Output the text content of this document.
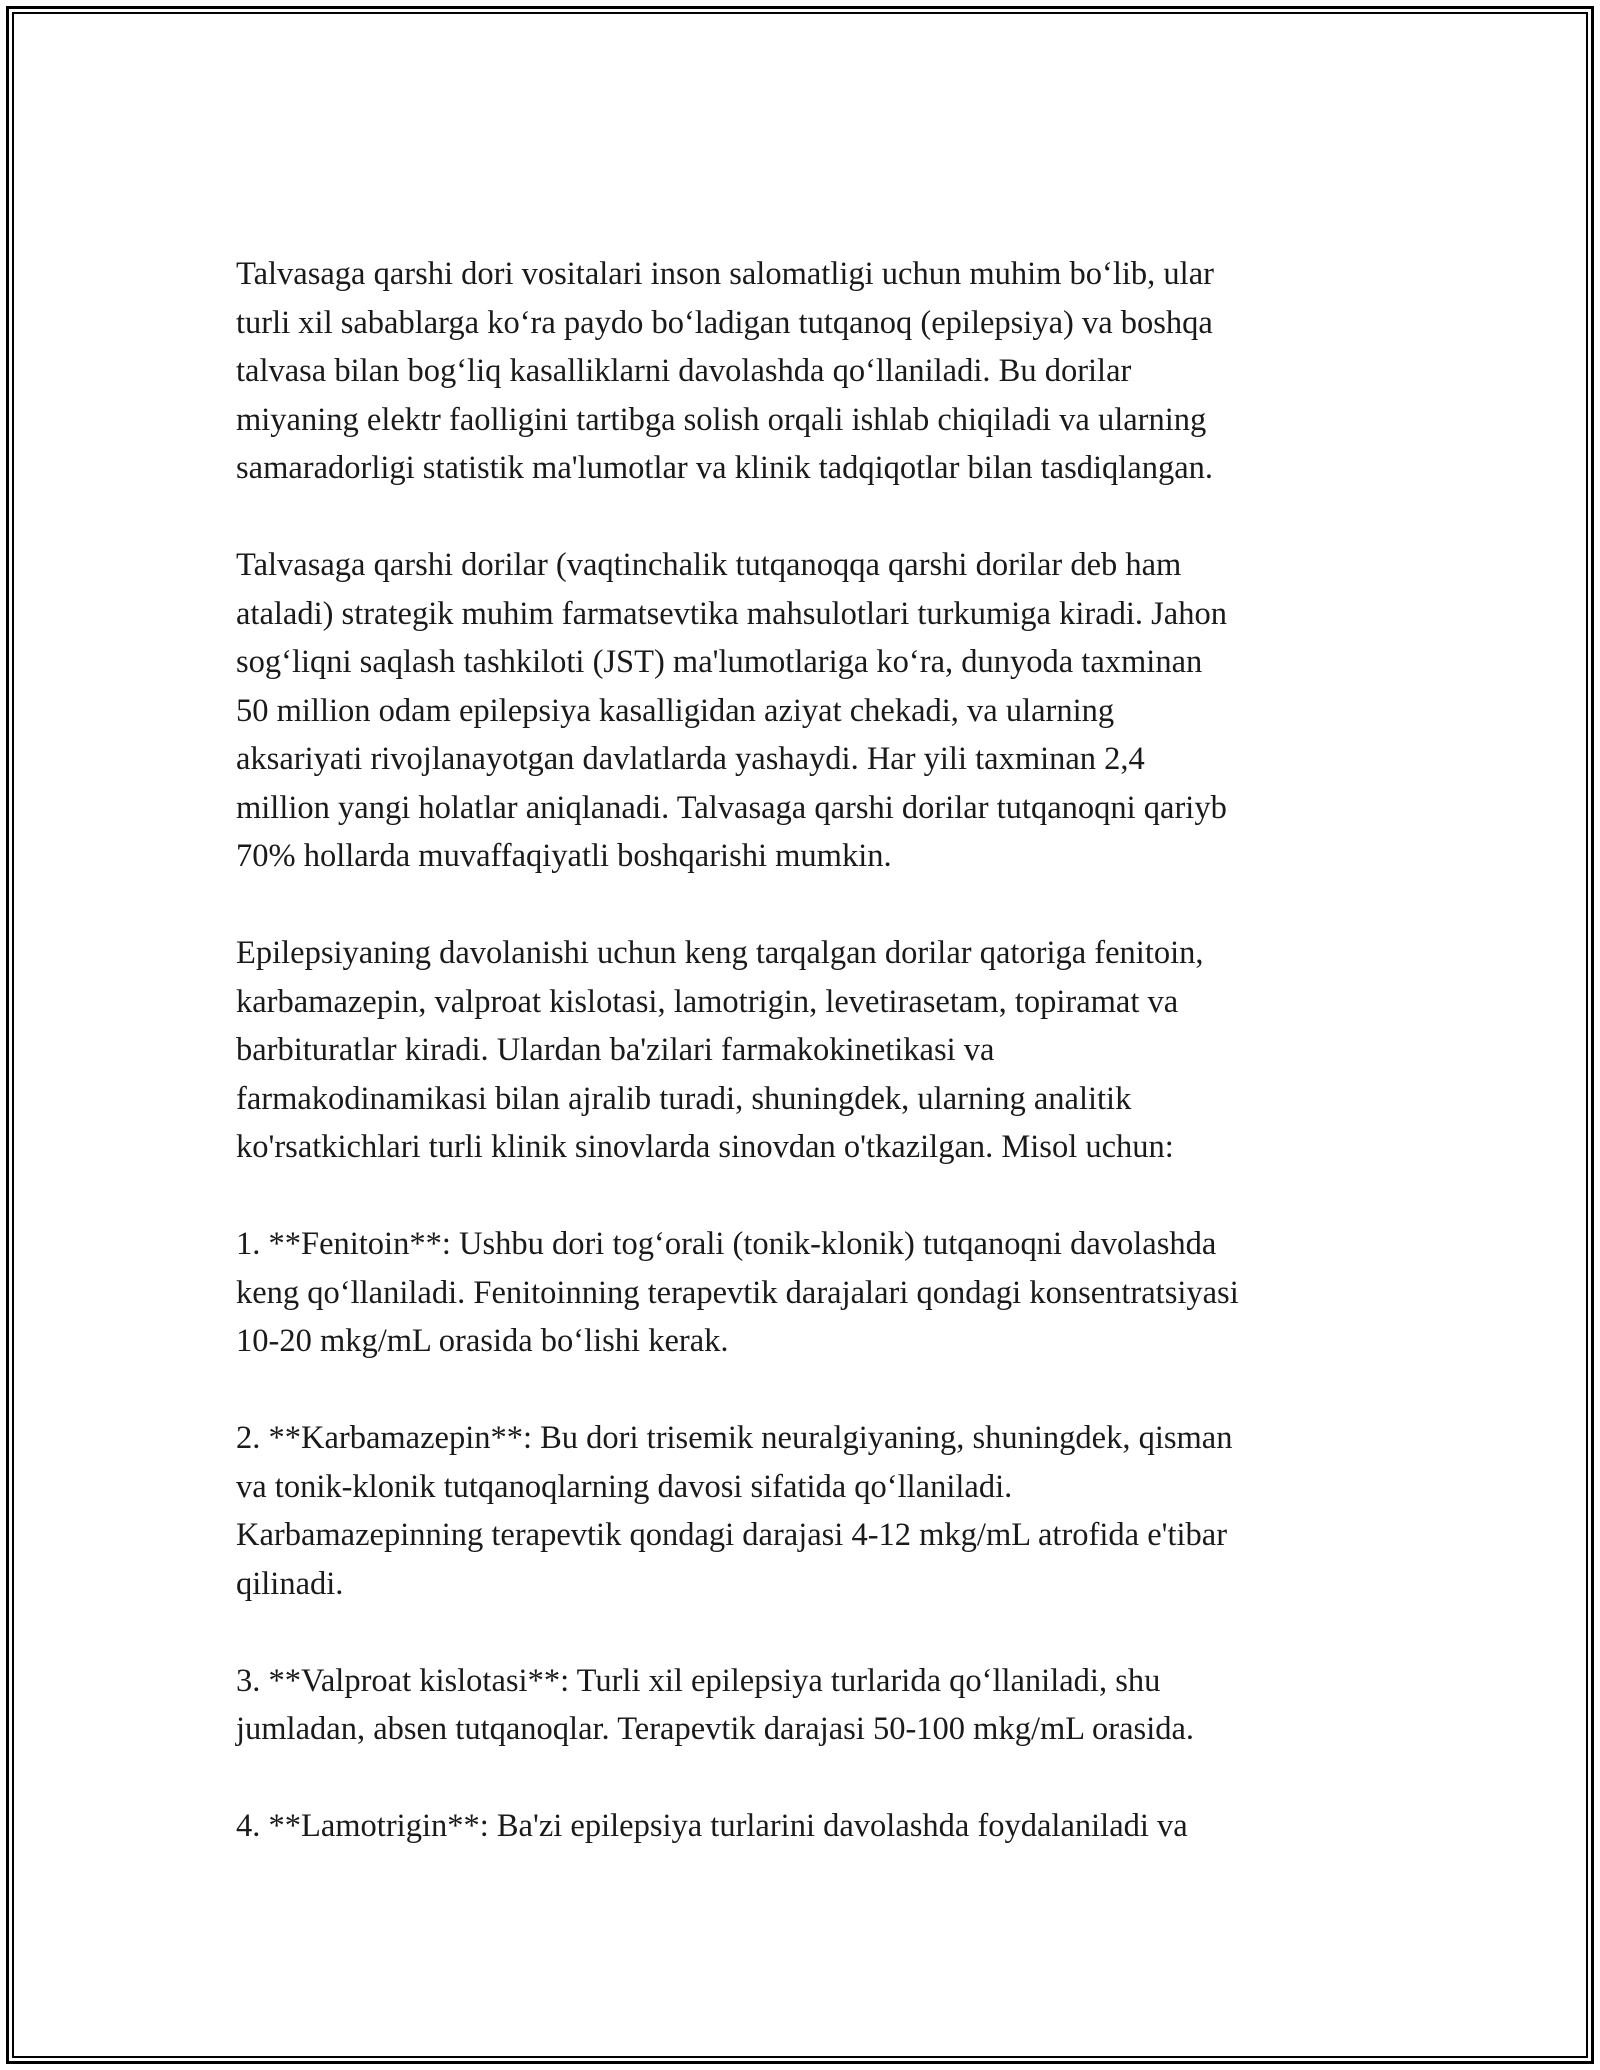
Talvasaga qarshi dori vositalari inson salomatligi uchun muhim bo‘lib, ular
turli xil sabablarga ko‘ra paydo bo‘ladigan tutqanoq (epilepsiya) va boshqa
talvasa bilan bog‘liq kasalliklarni davolashda qo‘llaniladi. Bu dorilar
miyaning elektr faolligini tartibga solish orqali ishlab chiqiladi va ularning
samaradorligi statistik ma'lumotlar va klinik tadqiqotlar bilan tasdiqlangan.

Talvasaga qarshi dorilar (vaqtinchalik tutqanoqqa qarshi dorilar deb ham
ataladi) strategik muhim farmatsevtika mahsulotlari turkumiga kiradi. Jahon
sog‘liqni saqlash tashkiloti (JST) ma'lumotlariga ko‘ra, dunyoda taxminan
50 million odam epilepsiya kasalligidan aziyat chekadi, va ularning
aksariyati rivojlanayotgan davlatlarda yashaydi. Har yili taxminan 2,4
million yangi holatlar aniqlanadi. Talvasaga qarshi dorilar tutqanoqni qariyb
70% hollarda muvaffaqiyatli boshqarishi mumkin.

Epilepsiyaning davolanishi uchun keng tarqalgan dorilar qatoriga fenitoin,
karbamazepin, valproat kislotasi, lamotrigin, levetirasetam, topiramat va
barbituratlar kiradi. Ulardan ba'zilari farmakokinetikasi va
farmakodinamikasi bilan ajralib turadi, shuningdek, ularning analitik
ko'rsatkichlari turli klinik sinovlarda sinovdan o'tkazilgan. Misol uchun:

1. **Fenitoin**: Ushbu dori tog‘orali (tonik-klonik) tutqanoqni davolashda
keng qo‘llaniladi. Fenitoinning terapevtik darajalari qondagi konsentratsiyasi
10-20 mkg/mL orasida bo‘lishi kerak.

2. **Karbamazepin**: Bu dori trisemik neuralgiyaning, shuningdek, qisman
va tonik-klonik tutqanoqlarning davosi sifatida qo‘llaniladi.
Karbamazepinning terapevtik qondagi darajasi 4-12 mkg/mL atrofida e'tibar
qilinadi.

3. **Valproat kislotasi**: Turli xil epilepsiya turlarida qo‘llaniladi, shu
jumladan, absen tutqanoqlar. Terapevtik darajasi 50-100 mkg/mL orasida.

4. **Lamotrigin**: Ba'zi epilepsiya turlarini davolashda foydalaniladi va
